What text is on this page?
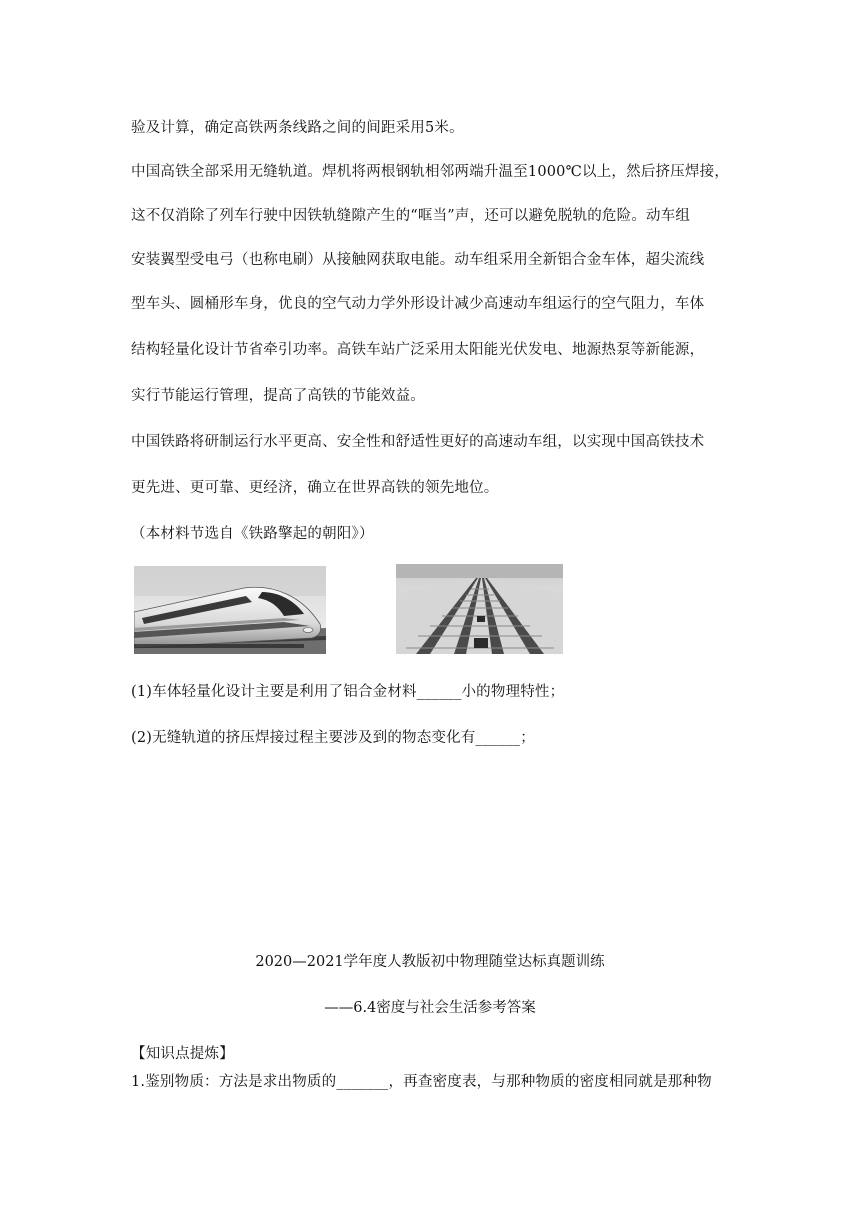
验及计算，确定高铁两条线路之间的间距采用5米。
中国高铁全部采用无缝轨道。焊机将两根钢轨相邻两端升温至1000℃以上，然后挤压焊接，
这不仅消除了列车行驶中因铁轨缝隙产生的“哐当”声，还可以避免脱轨的危险。动车组
安装翼型受电弓（也称电刷）从接触网获取电能。动车组采用全新铝合金车体，超尖流线
型车头、圆桶形车身，优良的空气动力学外形设计减少高速动车组运行的空气阻力，车体
结构轻量化设计节省牵引功率。高铁车站广泛采用太阳能光伏发电、地源热泵等新能源，
实行节能运行管理，提高了高铁的节能效益。
中国铁路将研制运行水平更高、安全性和舒适性更好的高速动车组，以实现中国高铁技术
更先进、更可靠、更经济，确立在世界高铁的领先地位。
（本材料节选自《铁路擎起的朝阳》）
(1)车体轻量化设计主要是利用了铝合金材料______小的物理特性；
(2)无缝轨道的挤压焊接过程主要涉及到的物态变化有______；
2020—2021学年度人教版初中物理随堂达标真题训练
——6.4密度与社会生活参考答案
【知识点提炼】
1.鉴别物质：方法是求出物质的_______，再查密度表，与那种物质的密度相同就是那种物
